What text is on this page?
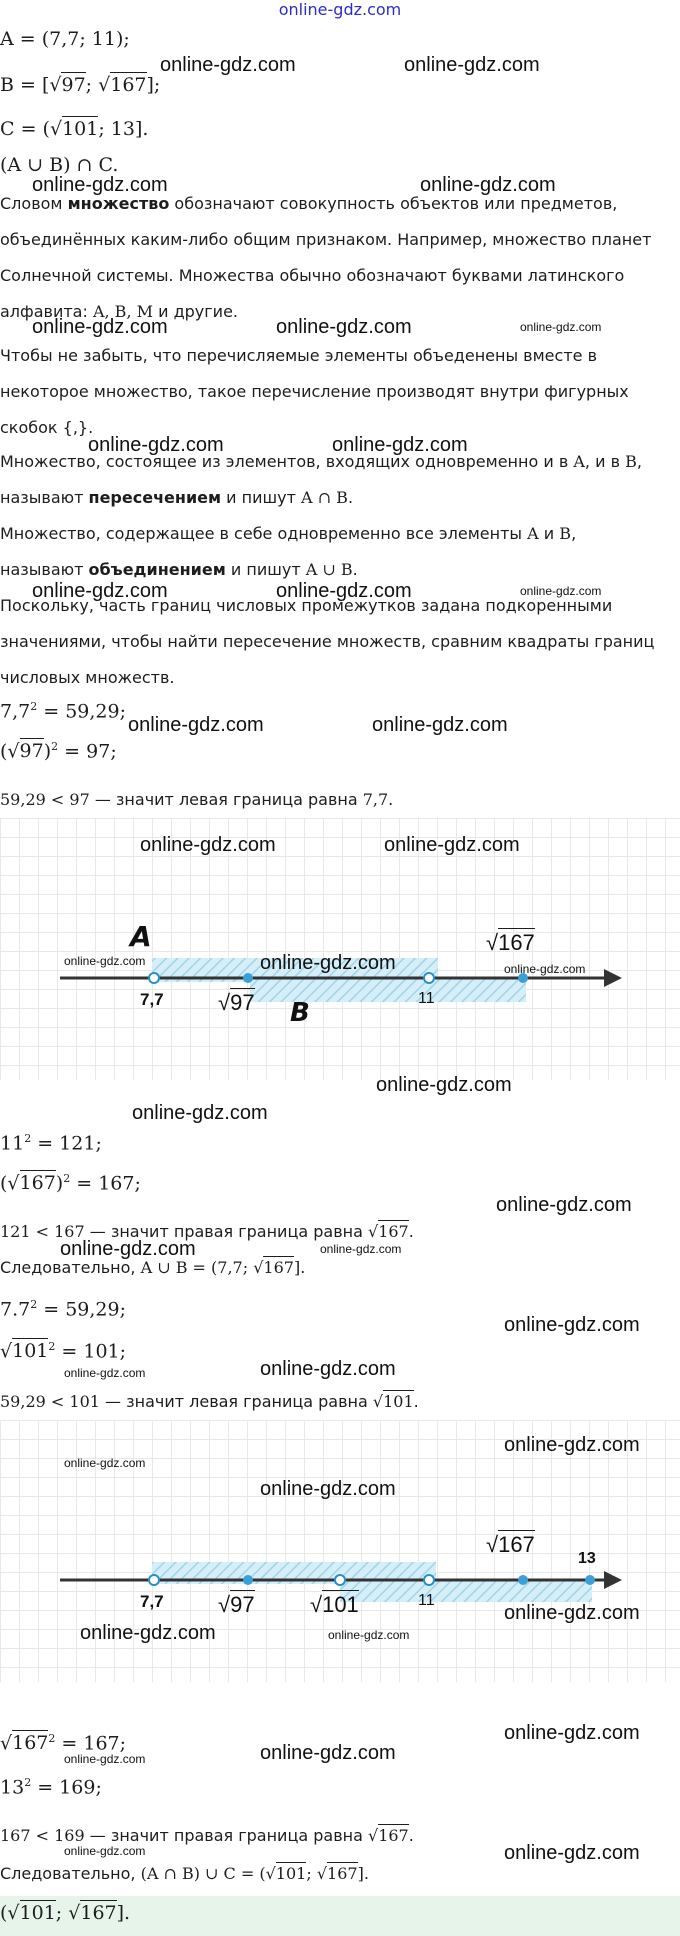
online-gdz.com
A = (7,7; 11);
B = [√97; √167];
C = (√101; 13].
(A ∪ B) ∩ C.
Словом множество обозначают совокупность объектов или предметов,
объединённых каким-либо общим признаком. Например, множество планет
Солнечной системы. Множества обычно обозначают буквами латинского
алфавита: A, B, M и другие.
Чтобы не забыть, что перечисляемые элементы объеденены вместе в
некоторое множество, такое перечисление производят внутри фигурных
скобок {,}.
Множество, состоящее из элементов, входящих одновременно и в A, и в B,
называют пересечением и пишут A ∩ B.
Множество, содержащее в себе одновременно все элементы A и B,
называют объединением и пишут A ∪ B.
Поскольку, часть границ числовых промежутков задана подкоренными
значениями, чтобы найти пересечение множеств, сравним квадраты границ
числовых множеств.
$7,7^2 = 59,29$;
$(√97)^2 = 97$;
59,29 < 97 — значит левая граница равна 7,7.
A
B
7,7 √97	11
√167
$11^2 = 121$;
$(√167)^2 = 167$;
121 < 167 — значит правая граница равна √167.
Следовательно, A ∪ B = (7,7; √167].
$7.7^2 = 59,29$;
$√101^2 = 101$;
59,29 < 101 — значит левая граница равна √101.
7,7 √97	√101	11
√167
13
$√167^2 = 167$;
$13^2 = 169$;
167 < 169 — значит правая граница равна √167.
Следовательно, (A ∩ B) ∪ C = (√101; √167].
(√101; √167].
online-gdz.com	online-gdz.com
online-gdz.com	online-gdz.com
online-gdz.com	online-gdz.com	online-gdz.com
online-gdz.com	online-gdz.com
online-gdz.com	online-gdz.com	online-gdz.com
online-gdz.com	online-gdz.com
online-gdz.com	online-gdz.com
online-gdz.com	online-gdz.com	online-gdz.com
online-gdz.com
online-gdz.com
online-gdz.com
online-gdz.com	online-gdz.com
online-gdz.com
online-gdz.com
online-gdz.com
online-gdz.com
online-gdz.com
online-gdz.com
online-gdz.com
online-gdz.com	online-gdz.com
online-gdz.com
online-gdz.com
online-gdz.com
online-gdz.com	online-gdz.com
